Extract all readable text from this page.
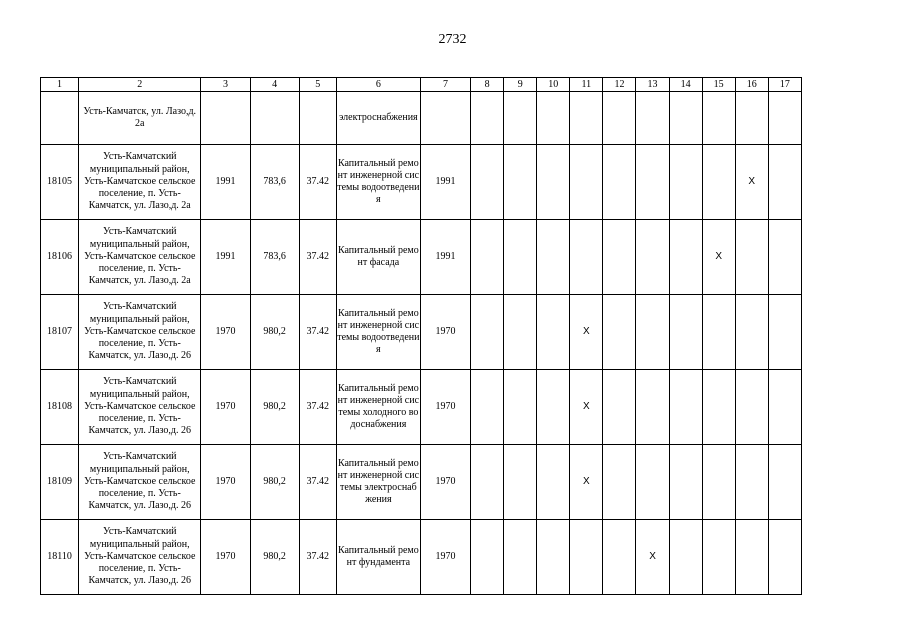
2732
1	2	3	4	5	6	7	8	9	10	11	12	13	14	15	16	17
	Усть-Камчатск, ул. Лазо,д. 2а				электроснабжения											
18105	Усть-Камчатский муниципальный район, Усть-Камчатское сельское поселение, п. Усть-Камчатск, ул. Лазо,д. 2а	1991	783,6	37.42	Капитальный ремонт инженерной системы водоотведения	1991									X	
18106	Усть-Камчатский муниципальный район, Усть-Камчатское сельское поселение, п. Усть-Камчатск, ул. Лазо,д. 2а	1991	783,6	37.42	Капитальный ремонт фасада	1991								X		
18107	Усть-Камчатский муниципальный район, Усть-Камчатское сельское поселение, п. Усть-Камчатск, ул. Лазо,д. 26	1970	980,2	37.42	Капитальный ремонт инженерной системы водоотведения	1970				X						
18108	Усть-Камчатский муниципальный район, Усть-Камчатское сельское поселение, п. Усть-Камчатск, ул. Лазо,д. 26	1970	980,2	37.42	Капитальный ремонт инженерной системы холодного водоснабжения	1970				X						
18109	Усть-Камчатский муниципальный район, Усть-Камчатское сельское поселение, п. Усть-Камчатск, ул. Лазо,д. 26	1970	980,2	37.42	Капитальный ремонт инженерной системы электроснабжения	1970				X						
18110	Усть-Камчатский муниципальный район, Усть-Камчатское сельское поселение, п. Усть-Камчатск, ул. Лазо,д. 26	1970	980,2	37.42	Капитальный ремонт фундамента	1970						X				
